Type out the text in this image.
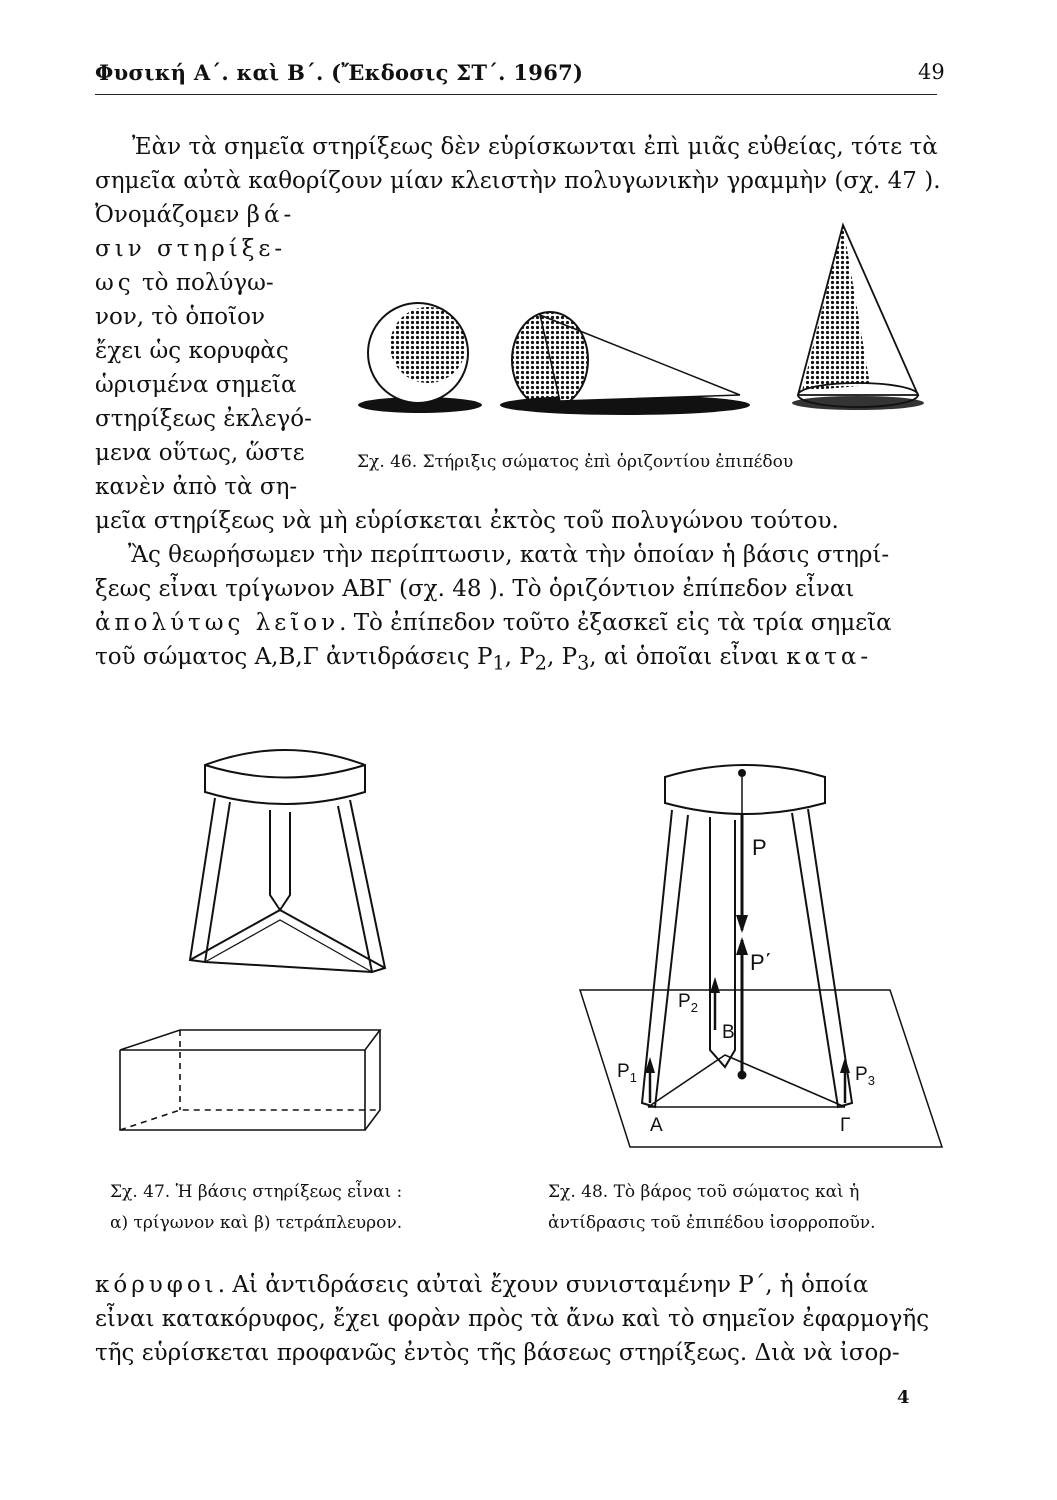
Φυσική Α΄. καὶ Β΄. (Ἔκδοσις ΣΤ΄. 1967)	49
Ἐὰν τὰ σημεῖα στηρίξεως δὲν εὑρίσκωνται ἐπὶ μιᾶς εὐθείας, τότε τὰ
σημεῖα αὐτὰ καθορίζουν μίαν κλειστὴν πολυγωνικὴν γραμμὴν (σχ. 47 ).
Ὀνομάζομεν βά-
σιν στηρίξε-
ως τὸ πολύγω-
νον, τὸ ὁποῖον
ἔχει ὡς κορυφὰς
ὡρισμένα σημεῖα
στηρίξεως ἐκλεγό-
μενα οὕτως, ὥστε
κανὲν ἀπὸ τὰ ση-
μεῖα στηρίξεως νὰ μὴ εὑρίσκεται ἐκτὸς τοῦ πολυγώνου τούτου.
Ἂς θεωρήσωμεν τὴν περίπτωσιν, κατὰ τὴν ὁποίαν ἡ βάσις στηρί-
ξεως εἶναι τρίγωνον ΑΒΓ (σχ. 48 ). Τὸ ὁριζόντιον ἐπίπεδον εἶναι
ἀπολύτως λεῖον. Τὸ ἐπίπεδον τοῦτο ἐξασκεῖ εἰς τὰ τρία σημεῖα
τοῦ σώματος Α,Β,Γ ἀντιδράσεις $P_1$, $P_2$, $P_3$, αἱ ὁποῖαι εἶναι κατα-
Σχ. 46. Στήριξις σώματος ἐπὶ ὁριζοντίου ἐπιπέδου
Σχ. 47. Ἡ βάσις στηρίξεως εἶναι :
α) τρίγωνον καὶ β) τετράπλευρον.
P
P΄
$P_2$
$P_1$	$P_3$
B
A	Γ
Σχ. 48. Τὸ βάρος τοῦ σώματος καὶ ἡ
ἀντίδρασις τοῦ ἐπιπέδου ἰσορροποῦν.
κόρυφοι. Αἱ ἀντιδράσεις αὐταὶ ἔχουν συνισταμένην P΄, ἡ ὁποία
εἶναι κατακόρυφος, ἔχει φορὰν πρὸς τὰ ἄνω καὶ τὸ σημεῖον ἐφαρμογῆς
τῆς εὑρίσκεται προφανῶς ἐντὸς τῆς βάσεως στηρίξεως. Διὰ νὰ ἰσορ-
4
